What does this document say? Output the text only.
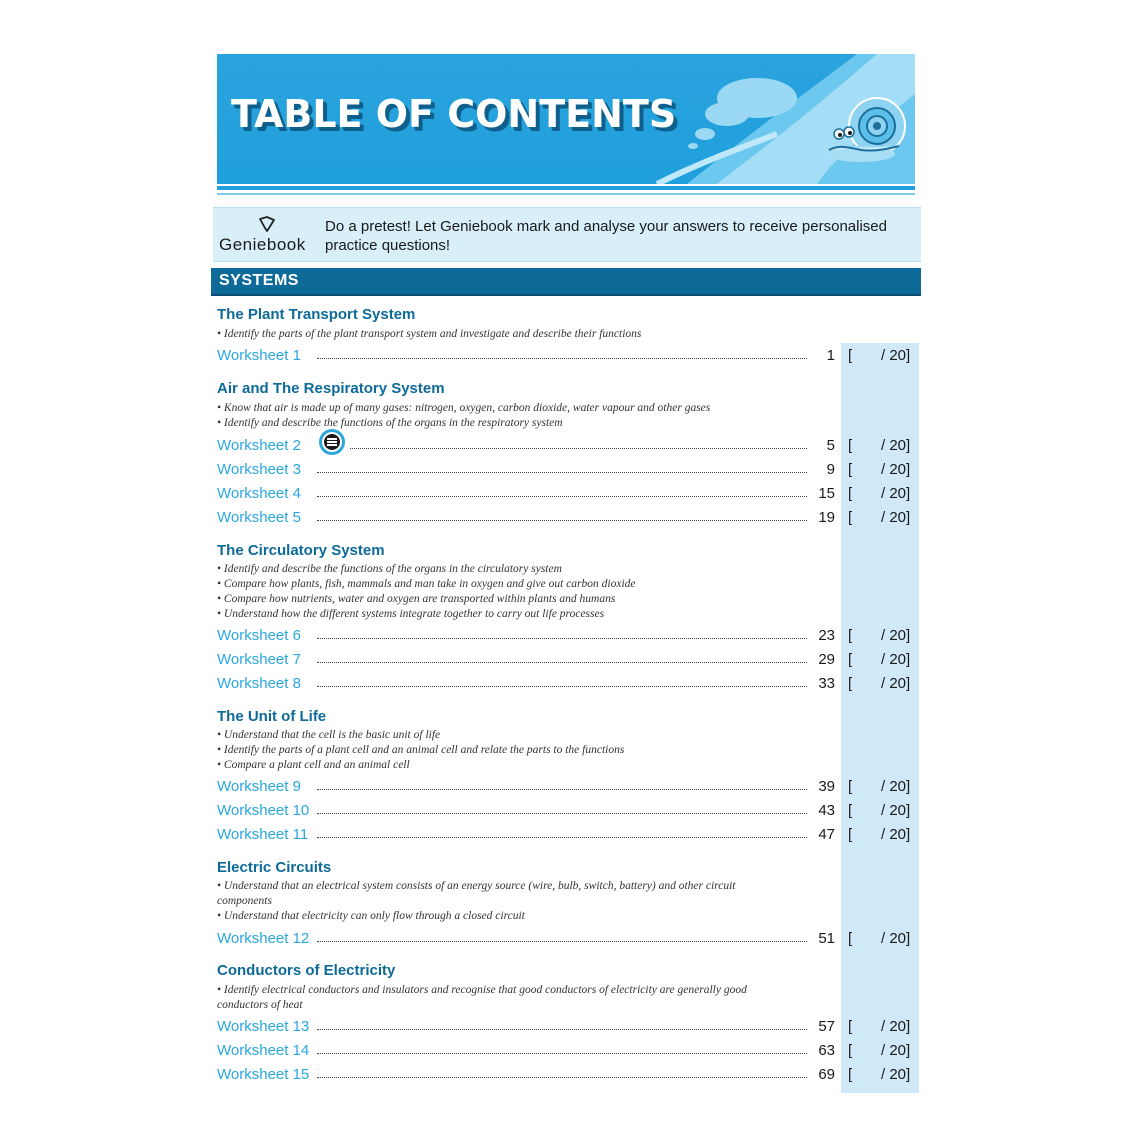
TABLE OF CONTENTS
Geniebook
Do a pretest! Let Geniebook mark and analyse your answers to receive personalised practice questions!
SYSTEMS
The Plant Transport System
• Identify the parts of the plant transport system and investigate and describe their functions
Worksheet 1	1 [ / 20]
Air and The Respiratory System
• Know that air is made up of many gases: nitrogen, oxygen, carbon dioxide, water vapour and other gases
• Identify and describe the functions of the organs in the respiratory system
Worksheet 2	5 [ / 20]
Worksheet 3	9 [ / 20]
Worksheet 4	15 [ / 20]
Worksheet 5	19 [ / 20]
The Circulatory System
• Identify and describe the functions of the organs in the circulatory system
• Compare how plants, fish, mammals and man take in oxygen and give out carbon dioxide
• Compare how nutrients, water and oxygen are transported within plants and humans
• Understand how the different systems integrate together to carry out life processes
Worksheet 6	23 [ / 20]
Worksheet 7	29 [ / 20]
Worksheet 8	33 [ / 20]
The Unit of Life
• Understand that the cell is the basic unit of life
• Identify the parts of a plant cell and an animal cell and relate the parts to the functions
• Compare a plant cell and an animal cell
Worksheet 9	39 [ / 20]
Worksheet 10	43 [ / 20]
Worksheet 11	47 [ / 20]
Electric Circuits
• Understand that an electrical system consists of an energy source (wire, bulb, switch, battery) and other circuit components
• Understand that electricity can only flow through a closed circuit
Worksheet 12	51 [ / 20]
Conductors of Electricity
• Identify electrical conductors and insulators and recognise that good conductors of electricity are generally good conductors of heat
Worksheet 13	57 [ / 20]
Worksheet 14	63 [ / 20]
Worksheet 15	69 [ / 20]
